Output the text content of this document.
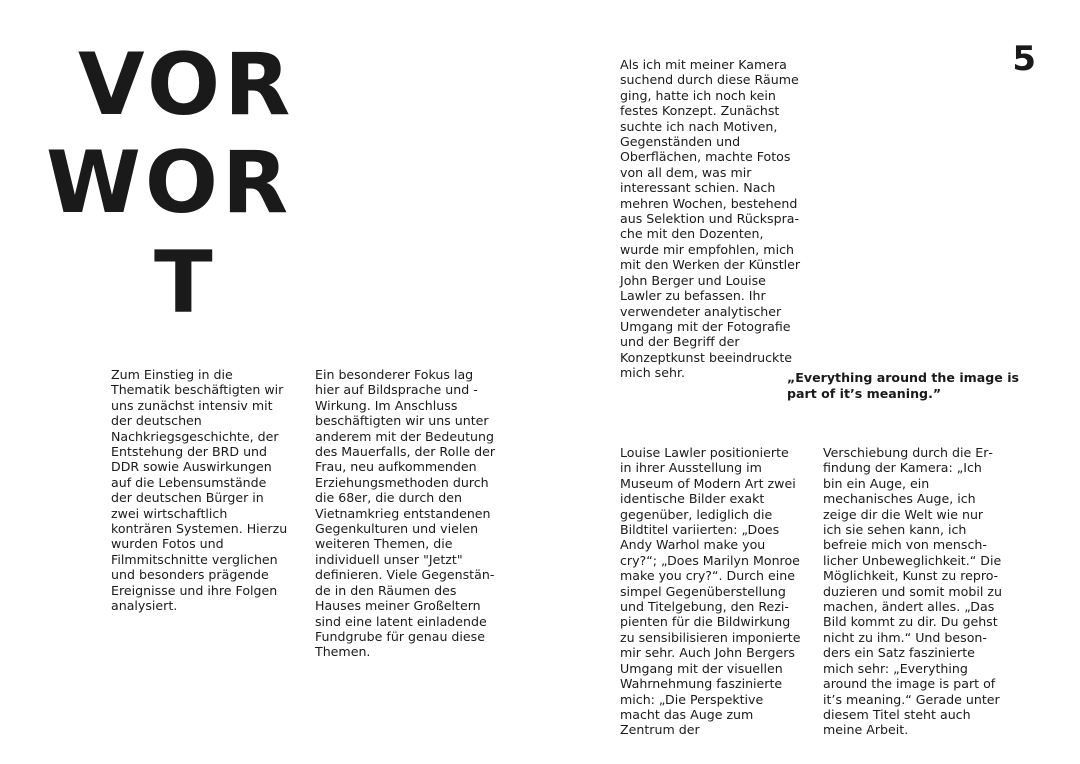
VOR
WOR
T
5

Zum Einstieg in die Thematik beschäftigten wir uns zunächst intensiv mit der deutschen Nachkriegsgeschichte, der Entstehung der BRD und DDR sowie Auswirkungen auf die Lebensumstände der deutschen Bürger in zwei wirtschaftlich konträren Systemen. Hierzu wurden Fotos und Filmmitschnitte verglichen und besonders prägende Ereignisse und ihre Folgen analysiert.

Ein besonderer Fokus lag hier auf Bildsprache und -Wirkung. Im Anschluss beschäftigten wir uns unter anderem mit der Bedeutung des Mauerfalls, der Rolle der Frau, neu aufkommenden Erziehungsmethoden durch die 68er, die durch den Vietnamkrieg entstandenen Gegenkulturen und vielen weiteren Themen, die individuell unser "Jetzt" definieren. Viele Gegenstände in den Räumen des Hauses meiner Großeltern sind eine latent einladende Fundgrube für genau diese Themen.

Als ich mit meiner Kamera suchend durch diese Räume ging, hatte ich noch kein festes Konzept. Zunächst suchte ich nach Motiven, Gegenständen und Oberflächen, machte Fotos von all dem, was mir interessant schien. Nach mehren Wochen, bestehend aus Selektion und Rücksprache mit den Dozenten, wurde mir empfohlen, mich mit den Werken der Künstler John Berger und Louise Lawler zu befassen. Ihr verwendeter analytischer Umgang mit der Fotografie und der Begriff der Konzeptkunst beeindruckte mich sehr.	„Everything around the image is part of it’s meaning.”

Louise Lawler positionierte in ihrer Ausstellung im Museum of Modern Art zwei identische Bilder exakt gegenüber, lediglich die Bildtitel variierten: „Does Andy Warhol make you cry?“; „Does Marilyn Monroe make you cry?“. Durch eine simpel Gegenüberstellung und Titelgebung, den Rezipienten für die Bildwirkung zu sensibilisieren imponierte mir sehr. Auch John Bergers Umgang mit der visuellen Wahrnehmung faszinierte mich: „Die Perspektive macht das Auge zum Zentrum der

Verschiebung durch die Erfindung der Kamera: „Ich bin ein Auge, ein mechanisches Auge, ich zeige dir die Welt wie nur ich sie sehen kann, ich befreie mich von menschlicher Unbeweglichkeit.“ Die Möglichkeit, Kunst zu reproduzieren und somit mobil zu machen, ändert alles. „Das Bild kommt zu dir. Du gehst nicht zu ihm.“ Und besonders ein Satz faszinierte mich sehr: „Everything around the image is part of it’s meaning.“ Gerade unter diesem Titel steht auch meine Arbeit.
